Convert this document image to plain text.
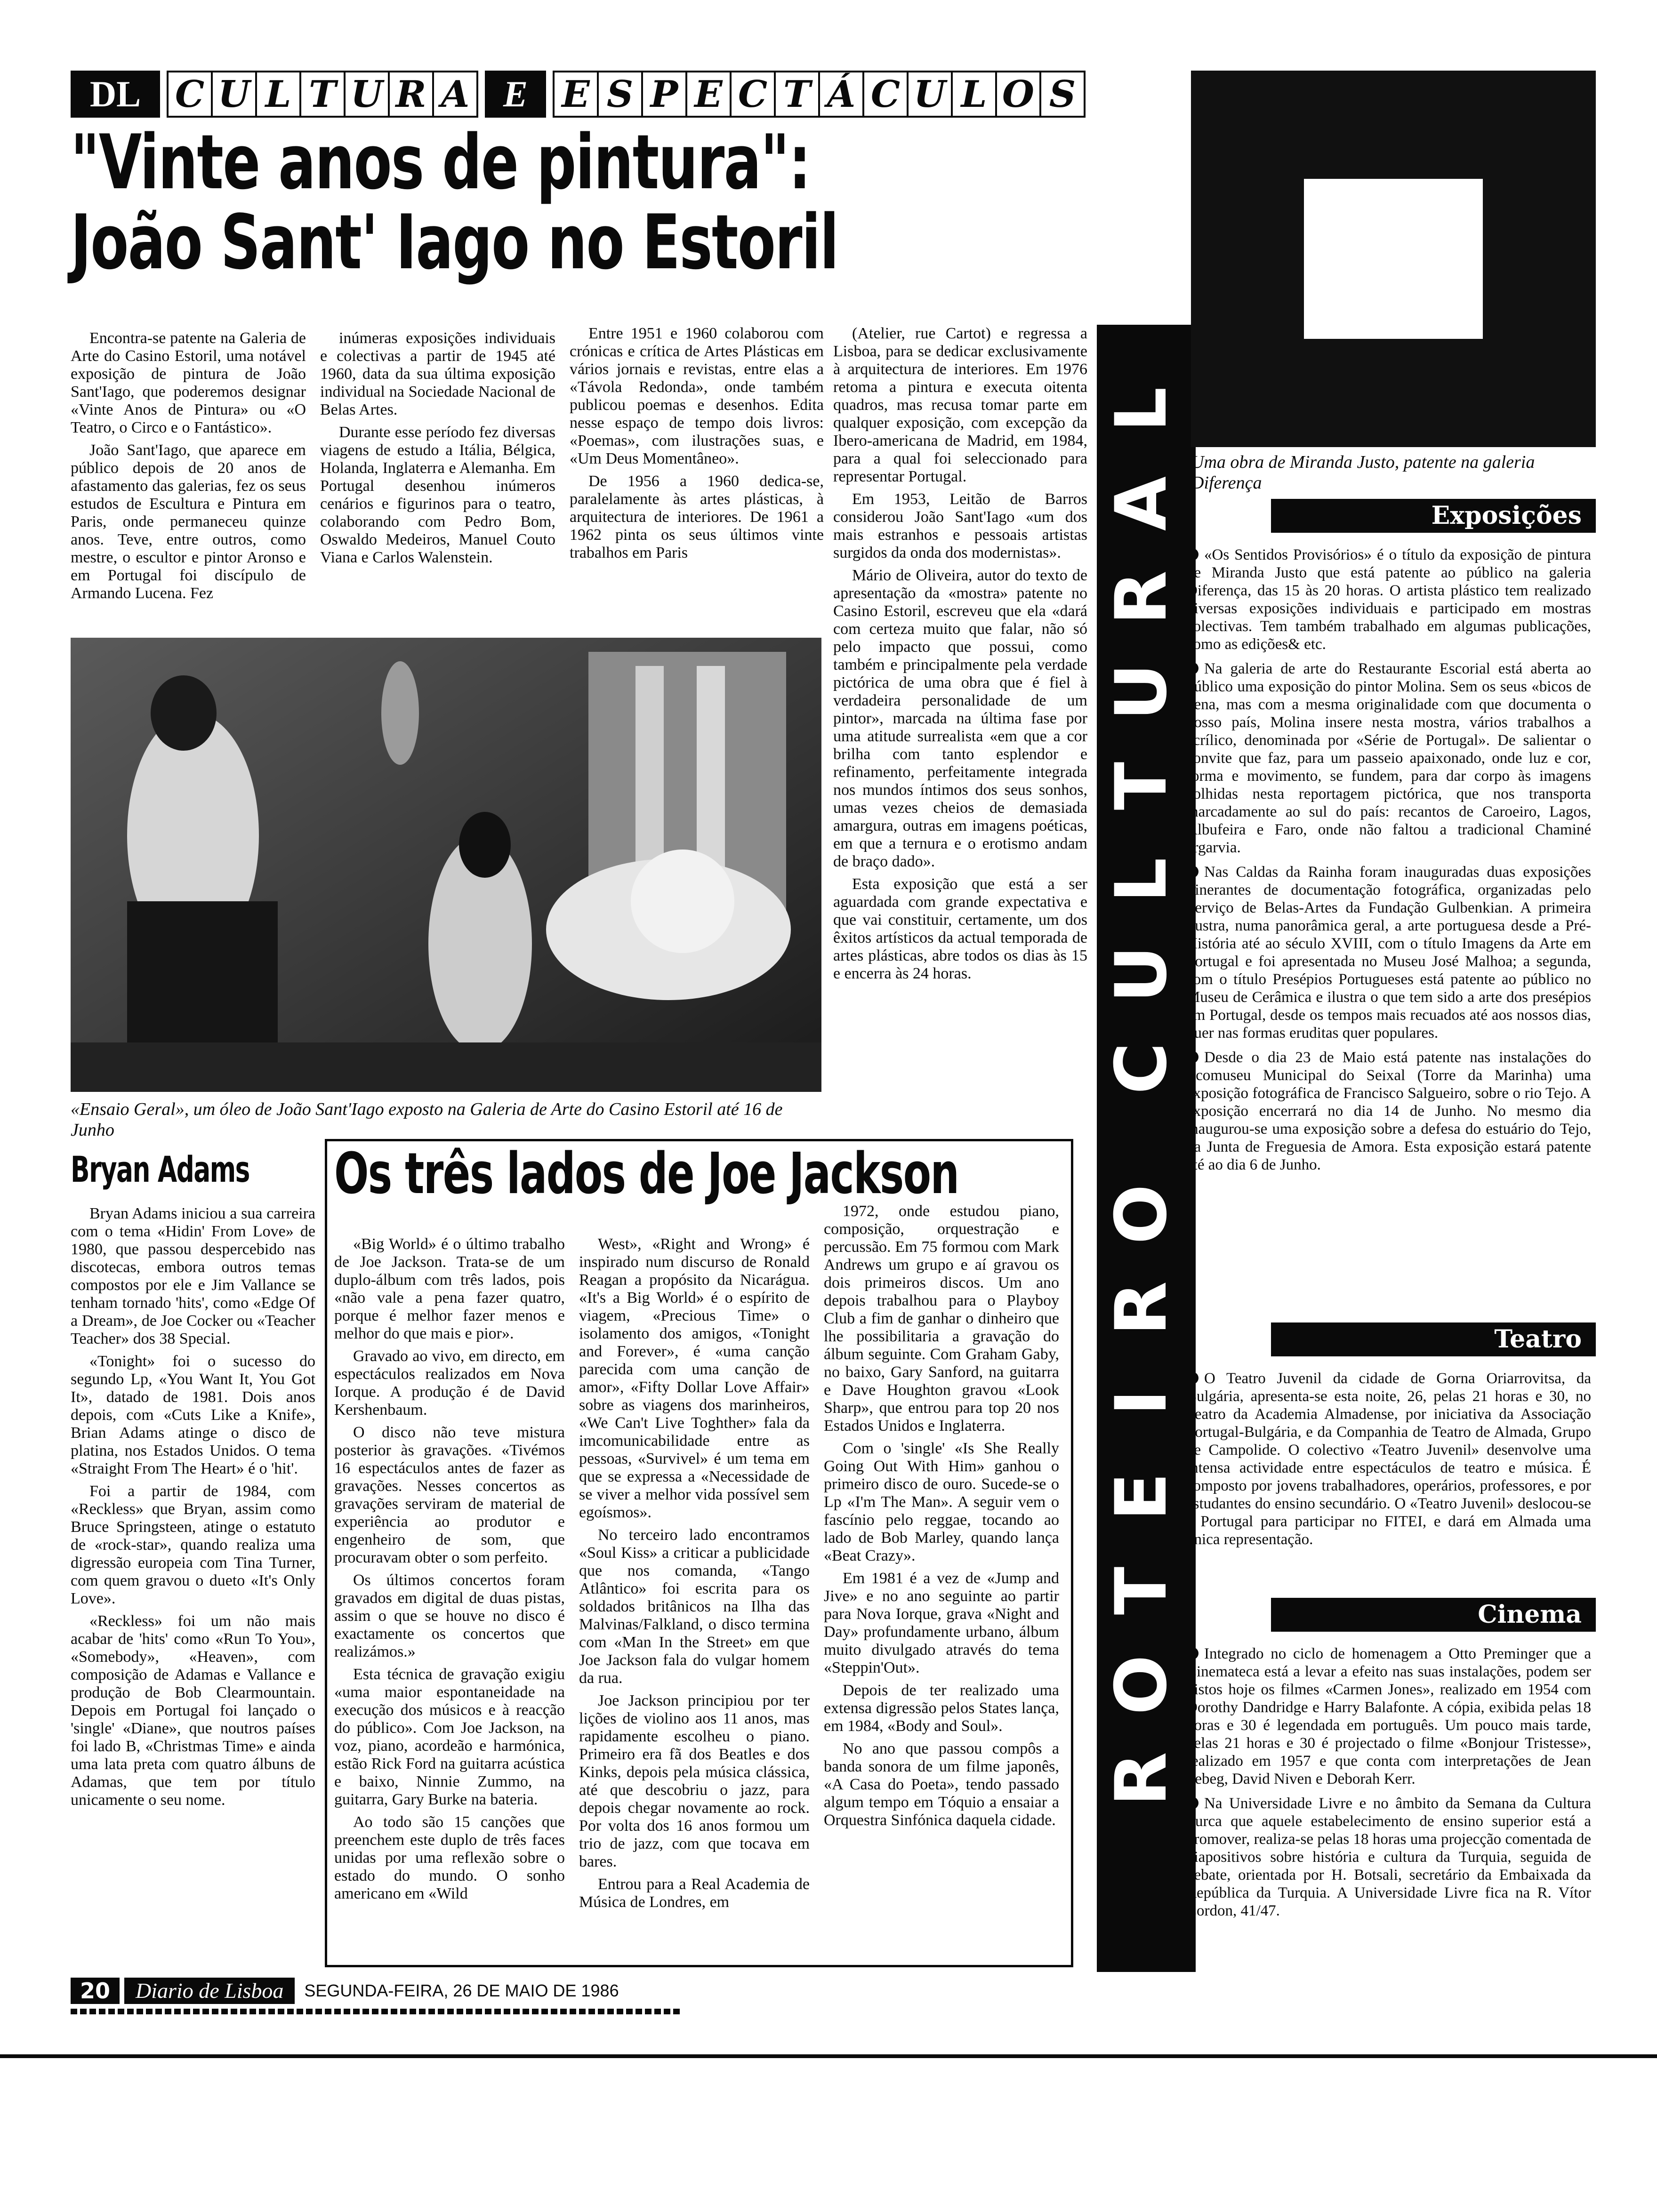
DL C U L T U R A E E S P E C T Á C U L O S
"Vinte anos de pintura":
João Sant' Iago no Estoril

Encontra-se patente na Galeria de Arte do Casino Estoril, uma notável exposição de pintura de João Sant'Iago, que poderemos designar «Vinte Anos de Pintura» ou «O Teatro, o Circo e o Fantástico».

João Sant'Iago, que aparece em público depois de 20 anos de afastamento das galerias, fez os seus estudos de Escultura e Pintura em Paris, onde permaneceu quinze anos. Teve, entre outros, como mestre, o escultor e pintor Aronso e em Portugal foi discípulo de Armando Lucena. Fez

inúmeras exposições individuais e colectivas a partir de 1945 até 1960, data da sua última exposição individual na Sociedade Nacional de Belas Artes.

Durante esse período fez diversas viagens de estudo a Itália, Bélgica, Holanda, Inglaterra e Alemanha. Em Portugal desenhou inúmeros cenários e figurinos para o teatro, colaborando com Pedro Bom, Oswaldo Medeiros, Manuel Couto Viana e Carlos Walenstein.

Entre 1951 e 1960 colaborou com crónicas e crítica de Artes Plásticas em vários jornais e revistas, entre elas a «Távola Redonda», onde também publicou poemas e desenhos. Edita nesse espaço de tempo dois livros: «Poemas», com ilustrações suas, e «Um Deus Momentâneo».

De 1956 a 1960 dedica-se, paralelamente às artes plásticas, à arquitectura de interiores. De 1961 a 1962 pinta os seus últimos vinte trabalhos em Paris

(Atelier, rue Cartot) e regressa a Lisboa, para se dedicar exclusivamente à arquitectura de interiores. Em 1976 retoma a pintura e executa oitenta quadros, mas recusa tomar parte em qualquer exposição, com excepção da Ibero-americana de Madrid, em 1984, para a qual foi seleccionado para representar Portugal.

Em 1953, Leitão de Barros considerou João Sant'Iago «um dos mais estranhos e pessoais artistas surgidos da onda dos modernistas».

Mário de Oliveira, autor do texto de apresentação da «mostra» patente no Casino Estoril, escreveu que ela «dará com certeza muito que falar, não só pelo impacto que possui, como também e principalmente pela verdade pictórica de uma obra que é fiel à verdadeira personalidade de um pintor», marcada na última fase por uma atitude surrealista «em que a cor brilha com tanto esplendor e refinamento, perfeitamente integrada nos mundos íntimos dos seus sonhos, umas vezes cheios de demasiada amargura, outras em imagens poéticas, em que a ternura e o erotismo andam de braço dado».

Esta exposição que está a ser aguardada com grande expectativa e que vai constituir, certamente, um dos êxitos artísticos da actual temporada de artes plásticas, abre todos os dias às 15 e encerra às 24 horas.

«Ensaio Geral», um óleo de João Sant'Iago exposto na Galeria de Arte do Casino Estoril até 16 de Junho
Bryan Adams

Bryan Adams iniciou a sua carreira com o tema «Hidin' From Love» de 1980, que passou despercebido nas discotecas, embora outros temas compostos por ele e Jim Vallance se tenham tornado 'hits', como «Edge Of a Dream», de Joe Cocker ou «Teacher Teacher» dos 38 Special.

«Tonight» foi o sucesso do segundo Lp, «You Want It, You Got It», datado de 1981. Dois anos depois, com «Cuts Like a Knife», Brian Adams atinge o disco de platina, nos Estados Unidos. O tema «Straight From The Heart» é o 'hit'.

Foi a partir de 1984, com «Reckless» que Bryan, assim como Bruce Springsteen, atinge o estatuto de «rock-star», quando realiza uma digressão europeia com Tina Turner, com quem gravou o dueto «It's Only Love».

«Reckless» foi um não mais acabar de 'hits' como «Run To You», «Somebody», «Heaven», com composição de Adamas e Vallance e produção de Bob Clearmountain. Depois em Portugal foi lançado o 'single' «Diane», que noutros países foi lado B, «Christmas Time» e ainda uma lata preta com quatro álbuns de Adamas, que tem por título unicamente o seu nome.

Os três lados de Joe Jackson

«Big World» é o último trabalho de Joe Jackson. Trata-se de um duplo-álbum com três lados, pois «não vale a pena fazer quatro, porque é melhor fazer menos e melhor do que mais e pior».

Gravado ao vivo, em directo, em espectáculos realizados em Nova Iorque. A produção é de David Kershenbaum.

O disco não teve mistura posterior às gravações. «Tivémos 16 espectáculos antes de fazer as gravações. Nesses concertos as gravações serviram de material de experiência ao produtor e engenheiro de som, que procuravam obter o som perfeito.

Os últimos concertos foram gravados em digital de duas pistas, assim o que se houve no disco é exactamente os concertos que realizámos.»

Esta técnica de gravação exigiu «uma maior espontaneidade na execução dos músicos e à reacção do público». Com Joe Jackson, na voz, piano, acordeão e harmónica, estão Rick Ford na guitarra acústica e baixo, Ninnie Zummo, na guitarra, Gary Burke na bateria.

Ao todo são 15 canções que preenchem este duplo de três faces unidas por uma reflexão sobre o estado do mundo. O sonho americano em «Wild

West», «Right and Wrong» é inspirado num discurso de Ronald Reagan a propósito da Nicarágua. «It's a Big World» é o espírito de viagem, «Precious Time» o isolamento dos amigos, «Tonight and Forever», é «uma canção parecida com uma canção de amor», «Fifty Dollar Love Affair» sobre as viagens dos marinheiros, «We Can't Live Toghther» fala da imcomunicabilidade entre as pessoas, «Survivel» é um tema em que se expressa a «Necessidade de se viver a melhor vida possível sem egoísmos».

No terceiro lado encontramos «Soul Kiss» a criticar a publicidade que nos comanda, «Tango Atlântico» foi escrita para os soldados britânicos na Ilha das Malvinas/Falkland, o disco termina com «Man In the Street» em que Joe Jackson fala do vulgar homem da rua.

Joe Jackson principiou por ter lições de violino aos 11 anos, mas rapidamente escolheu o piano. Primeiro era fã dos Beatles e dos Kinks, depois pela música clássica, até que descobriu o jazz, para depois chegar novamente ao rock. Por volta dos 16 anos formou um trio de jazz, com que tocava em bares.

Entrou para a Real Academia de Música de Londres, em

1972, onde estudou piano, composição, orquestração e percussão. Em 75 formou com Mark Andrews um grupo e aí gravou os dois primeiros discos. Um ano depois trabalhou para o Playboy Club a fim de ganhar o dinheiro que lhe possibilitaria a gravação do álbum seguinte. Com Graham Gaby, no baixo, Gary Sanford, na guitarra e Dave Houghton gravou «Look Sharp», que entrou para top 20 nos Estados Unidos e Inglaterra.

Com o 'single' «Is She Really Going Out With Him» ganhou o primeiro disco de ouro. Sucede-se o Lp «I'm The Man». A seguir vem o fascínio pelo reggae, tocando ao lado de Bob Marley, quando lança «Beat Crazy».

Em 1981 é a vez de «Jump and Jive» e no ano seguinte ao partir para Nova Iorque, grava «Night and Day» profundamente urbano, álbum muito divulgado através do tema «Steppin'Out».

Depois de ter realizado uma extensa digressão pelos States lança, em 1984, «Body and Soul».

No ano que passou compôs a banda sonora de um filme japonês, «A Casa do Poeta», tendo passado algum tempo em Tóquio a ensaiar a Orquestra Sinfónica daquela cidade.

R
O
T
E
I
R
O
C
U
L
T
U
R
A
L
Uma obra de Miranda Justo, patente na galeria Diferença
Exposições

«Os Sentidos Provisórios» é o título da exposição de pintura de Miranda Justo que está patente ao público na galeria Diferença, das 15 às 20 horas. O artista plástico tem realizado diversas exposições individuais e participado em mostras colectivas. Tem também trabalhado em algumas publicações, como as edições& etc.

Na galeria de arte do Restaurante Escorial está aberta ao público uma exposição do pintor Molina. Sem os seus «bicos de pena, mas com a mesma originalidade com que documenta o nosso país, Molina insere nesta mostra, vários trabalhos a acrílico, denominada por «Série de Portugal». De salientar o convite que faz, para um passeio apaixonado, onde luz e cor, forma e movimento, se fundem, para dar corpo às imagens colhidas nesta reportagem pictórica, que nos transporta marcadamente ao sul do país: recantos de Caroeiro, Lagos, Albufeira e Faro, onde não faltou a tradicional Chaminé argarvia.

Nas Caldas da Rainha foram inauguradas duas exposições itinerantes de documentação fotográfica, organizadas pelo Serviço de Belas-Artes da Fundação Gulbenkian. A primeira ilustra, numa panorâmica geral, a arte portuguesa desde a Pré-História até ao século XVIII, com o título Imagens da Arte em Portugal e foi apresentada no Museu José Malhoa; a segunda, com o título Presépios Portugueses está patente ao público no Museu de Cerâmica e ilustra o que tem sido a arte dos presépios em Portugal, desde os tempos mais recuados até aos nossos dias, quer nas formas eruditas quer populares.

Desde o dia 23 de Maio está patente nas instalações do Ecomuseu Municipal do Seixal (Torre da Marinha) uma exposição fotográfica de Francisco Salgueiro, sobre o rio Tejo. A exposição encerrará no dia 14 de Junho. No mesmo dia inaugurou-se uma exposição sobre a defesa do estuário do Tejo, na Junta de Freguesia de Amora. Esta exposição estará patente até ao dia 6 de Junho.

Teatro

O Teatro Juvenil da cidade de Gorna Oriarrovitsa, da Bulgária, apresenta-se esta noite, 26, pelas 21 horas e 30, no Teatro da Academia Almadense, por iniciativa da Associação Portugal-Bulgária, e da Companhia de Teatro de Almada, Grupo de Campolide. O colectivo «Teatro Juvenil» desenvolve uma intensa actividade entre espectáculos de teatro e música. É composto por jovens trabalhadores, operários, professores, e por estudantes do ensino secundário. O «Teatro Juvenil» deslocou-se a Portugal para participar no FITEI, e dará em Almada uma única representação.

Cinema

Integrado no ciclo de homenagem a Otto Preminger que a Cinemateca está a levar a efeito nas suas instalações, podem ser vistos hoje os filmes «Carmen Jones», realizado em 1954 com Dorothy Dandridge e Harry Balafonte. A cópia, exibida pelas 18 horas e 30 é legendada em português. Um pouco mais tarde, pelas 21 horas e 30 é projectado o filme «Bonjour Tristesse», realizado em 1957 e que conta com interpretações de Jean Sebeg, David Niven e Deborah Kerr.

Na Universidade Livre e no âmbito da Semana da Cultura Turca que aquele estabelecimento de ensino superior está a promover, realiza-se pelas 18 horas uma projecção comentada de diapositivos sobre história e cultura da Turquia, seguida de debate, orientada por H. Botsali, secretário da Embaixada da República da Turquia. A Universidade Livre fica na R. Vítor Cordon, 41/47.

20	Diario de Lisboa	SEGUNDA-FEIRA, 26 DE MAIO DE 1986
